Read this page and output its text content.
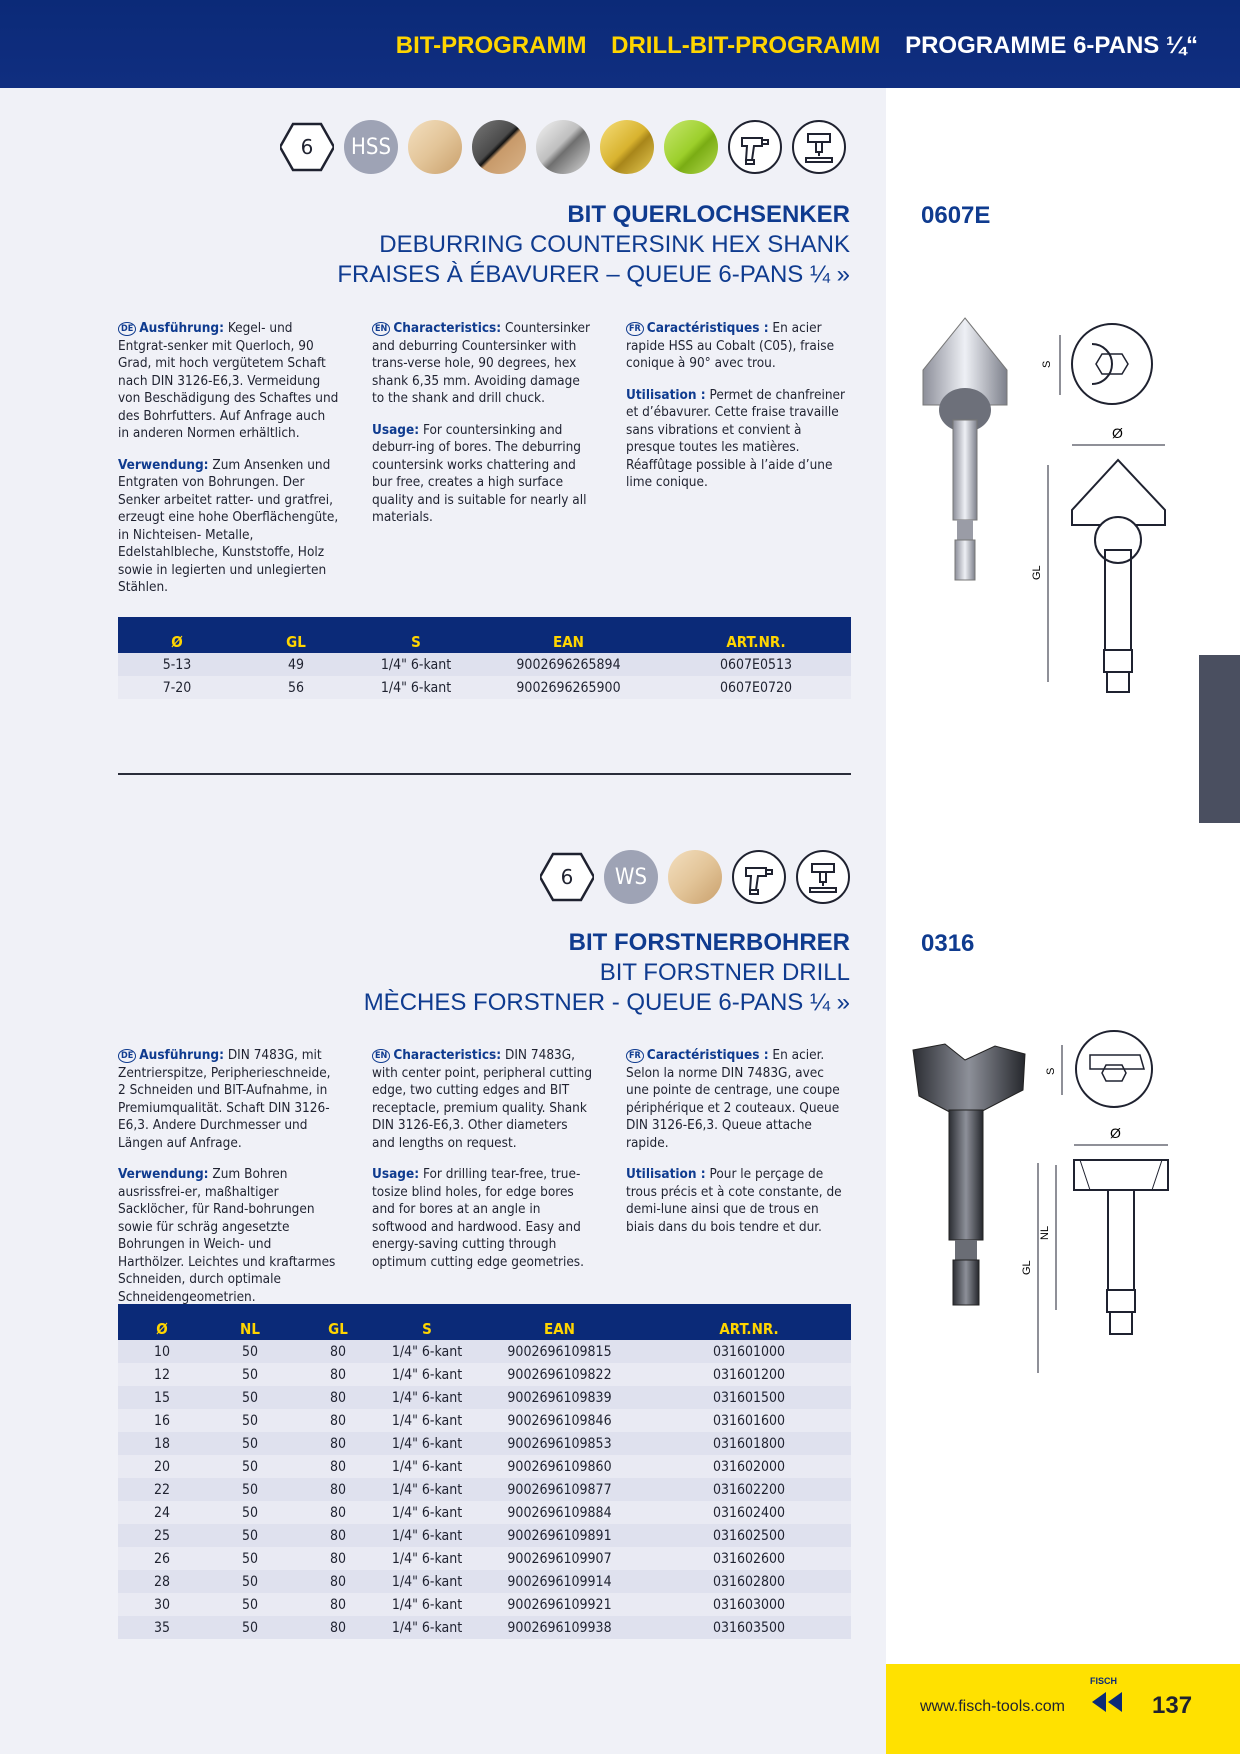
BIT-PROGRAMM DRILL-BIT-PROGRAMM PROGRAMME 6-PANS ¼“
6	HSS
BIT QUERLOCHSENKER
DEBURRING COUNTERSINK HEX SHANK
FRAISES À ÉBAVURER – QUEUE 6-PANS ¼ »
0607E

DE Ausführung: Kegel- und Entgrat-senker mit Querloch, 90 Grad, mit hoch vergütetem Schaft nach DIN 3126-E6,3. Vermeidung von Beschädigung des Schaftes und des Bohrfutters. Auf Anfrage auch in anderen Normen erhältlich.

Verwendung: Zum Ansenken und Entgraten von Bohrungen. Der Senker arbeitet ratter- und gratfrei, erzeugt eine hohe Oberflächengüte, in Nichteisen- Metalle, Edelstahlbleche, Kunststoffe, Holz sowie in legierten und unlegierten Stählen.

EN Characteristics: Countersinker and deburring Countersinker with trans-verse hole, 90 degrees, hex shank 6,35 mm. Avoiding damage to the shank and drill chuck.

Usage: For countersinking and deburr-ing of bores. The deburring countersink works chattering and bur free, creates a high surface quality and is suitable for nearly all materials.

FR Caractéristiques : En acier rapide HSS au Cobalt (C05), fraise conique à 90° avec trou.

Utilisation : Permet de chanfreiner et d’ébavurer. Cette fraise travaille sans vibrations et convient à presque toutes les matières. Réaffûtage possible à l’aide d’une lime conique.

Ø	GL	S	EAN	ART.NR.
5-13	49	1/4" 6-kant	9002696265894	0607E0513
7-20	56	1/4" 6-kant	9002696265900	0607E0720
S
Ø
GL
6	WS
BIT FORSTNERBOHRER
BIT FORSTNER DRILL
MÈCHES FORSTNER - QUEUE 6-PANS ¼ »
0316

DE Ausführung: DIN 7483G, mit Zentrierspitze, Peripherieschneide, 2 Schneiden und BIT-Aufnahme, in Premiumqualität. Schaft DIN 3126-E6,3. Andere Durchmesser und Längen auf Anfrage.

Verwendung: Zum Bohren ausrissfrei-er, maßhaltiger Sacklöcher, für Rand-bohrungen sowie für schräg angesetzte Bohrungen in Weich- und Harthölzer. Leichtes und kraftarmes Schneiden, durch optimale Schneidengeometrien.

EN Characteristics: DIN 7483G, with center point, peripheral cutting edge, two cutting edges and BIT receptacle, premium quality. Shank DIN 3126-E6,3. Other diameters and lengths on request.

Usage: For drilling tear-free, true-tosize blind holes, for edge bores and for bores at an angle in softwood and hardwood. Easy and energy-saving cutting through optimum cutting edge geometries.

FR Caractéristiques : En acier. Selon la norme DIN 7483G, avec une pointe de centrage, une coupe périphérique et 2 couteaux. Queue DIN 3126-E6,3. Queue attache rapide.

Utilisation : Pour le perçage de trous précis et à cote constante, de demi-lune ainsi que de trous en biais dans du bois tendre et dur.

Ø	NL	GL	S	EAN	ART.NR.
10	50	80	1/4" 6-kant	9002696109815	031601000
12	50	80	1/4" 6-kant	9002696109822	031601200
15	50	80	1/4" 6-kant	9002696109839	031601500
16	50	80	1/4" 6-kant	9002696109846	031601600
18	50	80	1/4" 6-kant	9002696109853	031601800
20	50	80	1/4" 6-kant	9002696109860	031602000
22	50	80	1/4" 6-kant	9002696109877	031602200
24	50	80	1/4" 6-kant	9002696109884	031602400
25	50	80	1/4" 6-kant	9002696109891	031602500
26	50	80	1/4" 6-kant	9002696109907	031602600
28	50	80	1/4" 6-kant	9002696109914	031602800
30	50	80	1/4" 6-kant	9002696109921	031603000
35	50	80	1/4" 6-kant	9002696109938	031603500
S
Ø
NL
GL
www.fisch-tools.com
FISCH
137
